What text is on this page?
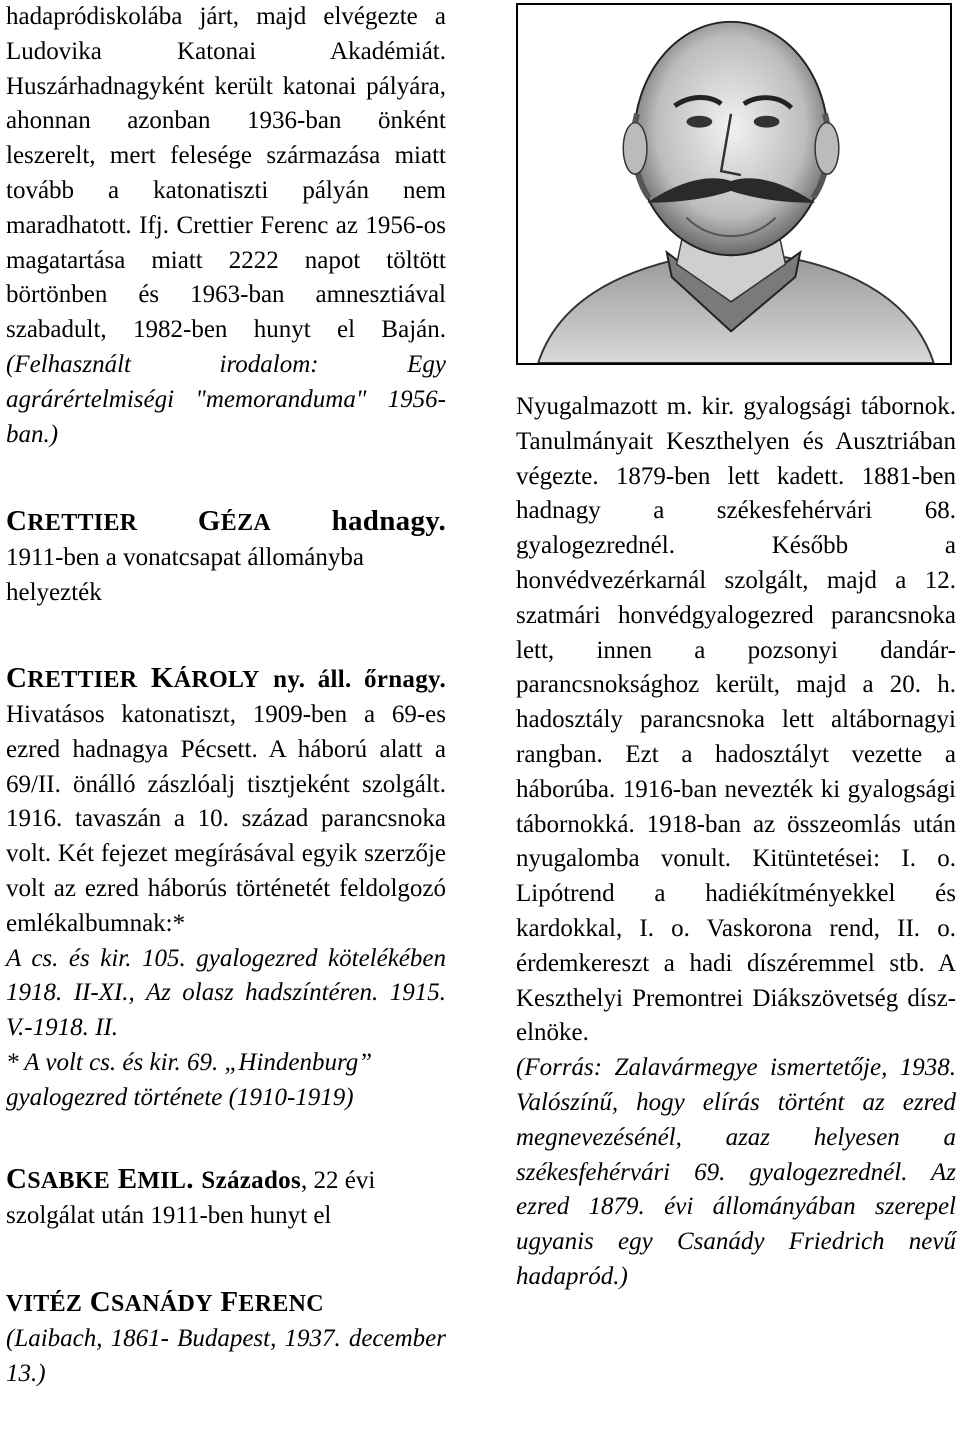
hadapródiskolába járt, majd elvégezte a Ludovika Katonai Akadémiát. Huszárhadnagyként került katonai pályára, ahonnan azonban 1936-ban önként leszerelt, mert felesége származása miatt tovább a katonatiszti pályán nem maradhatott. Ifj. Crettier Ferenc az 1956-os magatartása miatt 2222 napot töltött börtönben és 1963-ban amnesztiával szabadult, 1982-ben hunyt el Baján. (Felhasznált irodalom: Egy agrárértelmiségi "memoranduma" 1956-ban.)

CRETTIER GÉZA hadnagy.

1911-ben a vonatcsapat állományba helyezték

CRETTIER KÁROLY ny. áll. őrnagy. Hivatásos katonatiszt, 1909-ben a 69-es ezred hadnagya Pécsett. A háború alatt a 69/II. önálló zászlóalj tisztjeként szolgált. 1916. tavaszán a 10. század parancsnoka volt. Két fejezet megírásával egyik szerzője volt az ezred háborús történetét feldolgozó emlékalbumnak:*

A cs. és kir. 105. gyalogezred kötelékében 1918. II-XI., Az olasz hadszíntéren. 1915. V.-1918. II.

* A volt cs. és kir. 69. „Hindenburg” gyalogezred története (1910-1919)

CSABKE EMIL. Százados, 22 évi szolgálat után 1911-ben hunyt el

VITÉZ CSANÁDY FERENC

(Laibach, 1861- Budapest, 1937. december 13.)

Nyugalmazott m. kir. gyalogsági tábornok. Tanulmányait Keszthelyen és Ausztriában végezte. 1879-ben lett kadett. 1881-ben hadnagy a székesfehérvári 68. gyalogezrednél. Később a honvédvezérkarnál szolgált, majd a 12. szatmári honvédgyalogezred parancsnoka lett, innen a pozsonyi dandár- parancsnoksághoz került, majd a 20. h. hadosztály parancsnoka lett altábornagyi rangban. Ezt a hadosztályt vezette a háborúba. 1916-ban nevezték ki gyalogsági tábornokká. 1918-ban az összeomlás után nyugalomba vonult. Kitüntetései: I. o. Lipótrend a hadiékítményekkel és kardokkal, I. o. Vaskorona rend, II. o. érdemkereszt a hadi díszéremmel stb. A Keszthelyi Premontrei Diákszövetség dísz- elnöke.

(Forrás: Zalavármegye ismertetője, 1938. Valószínű, hogy elírás történt az ezred megnevezésénél, azaz helyesen a székesfehérvári 69. gyalogezrednél. Az ezred 1879. évi állományában szerepel ugyanis egy Csanády Friedrich nevű hadapród.)
